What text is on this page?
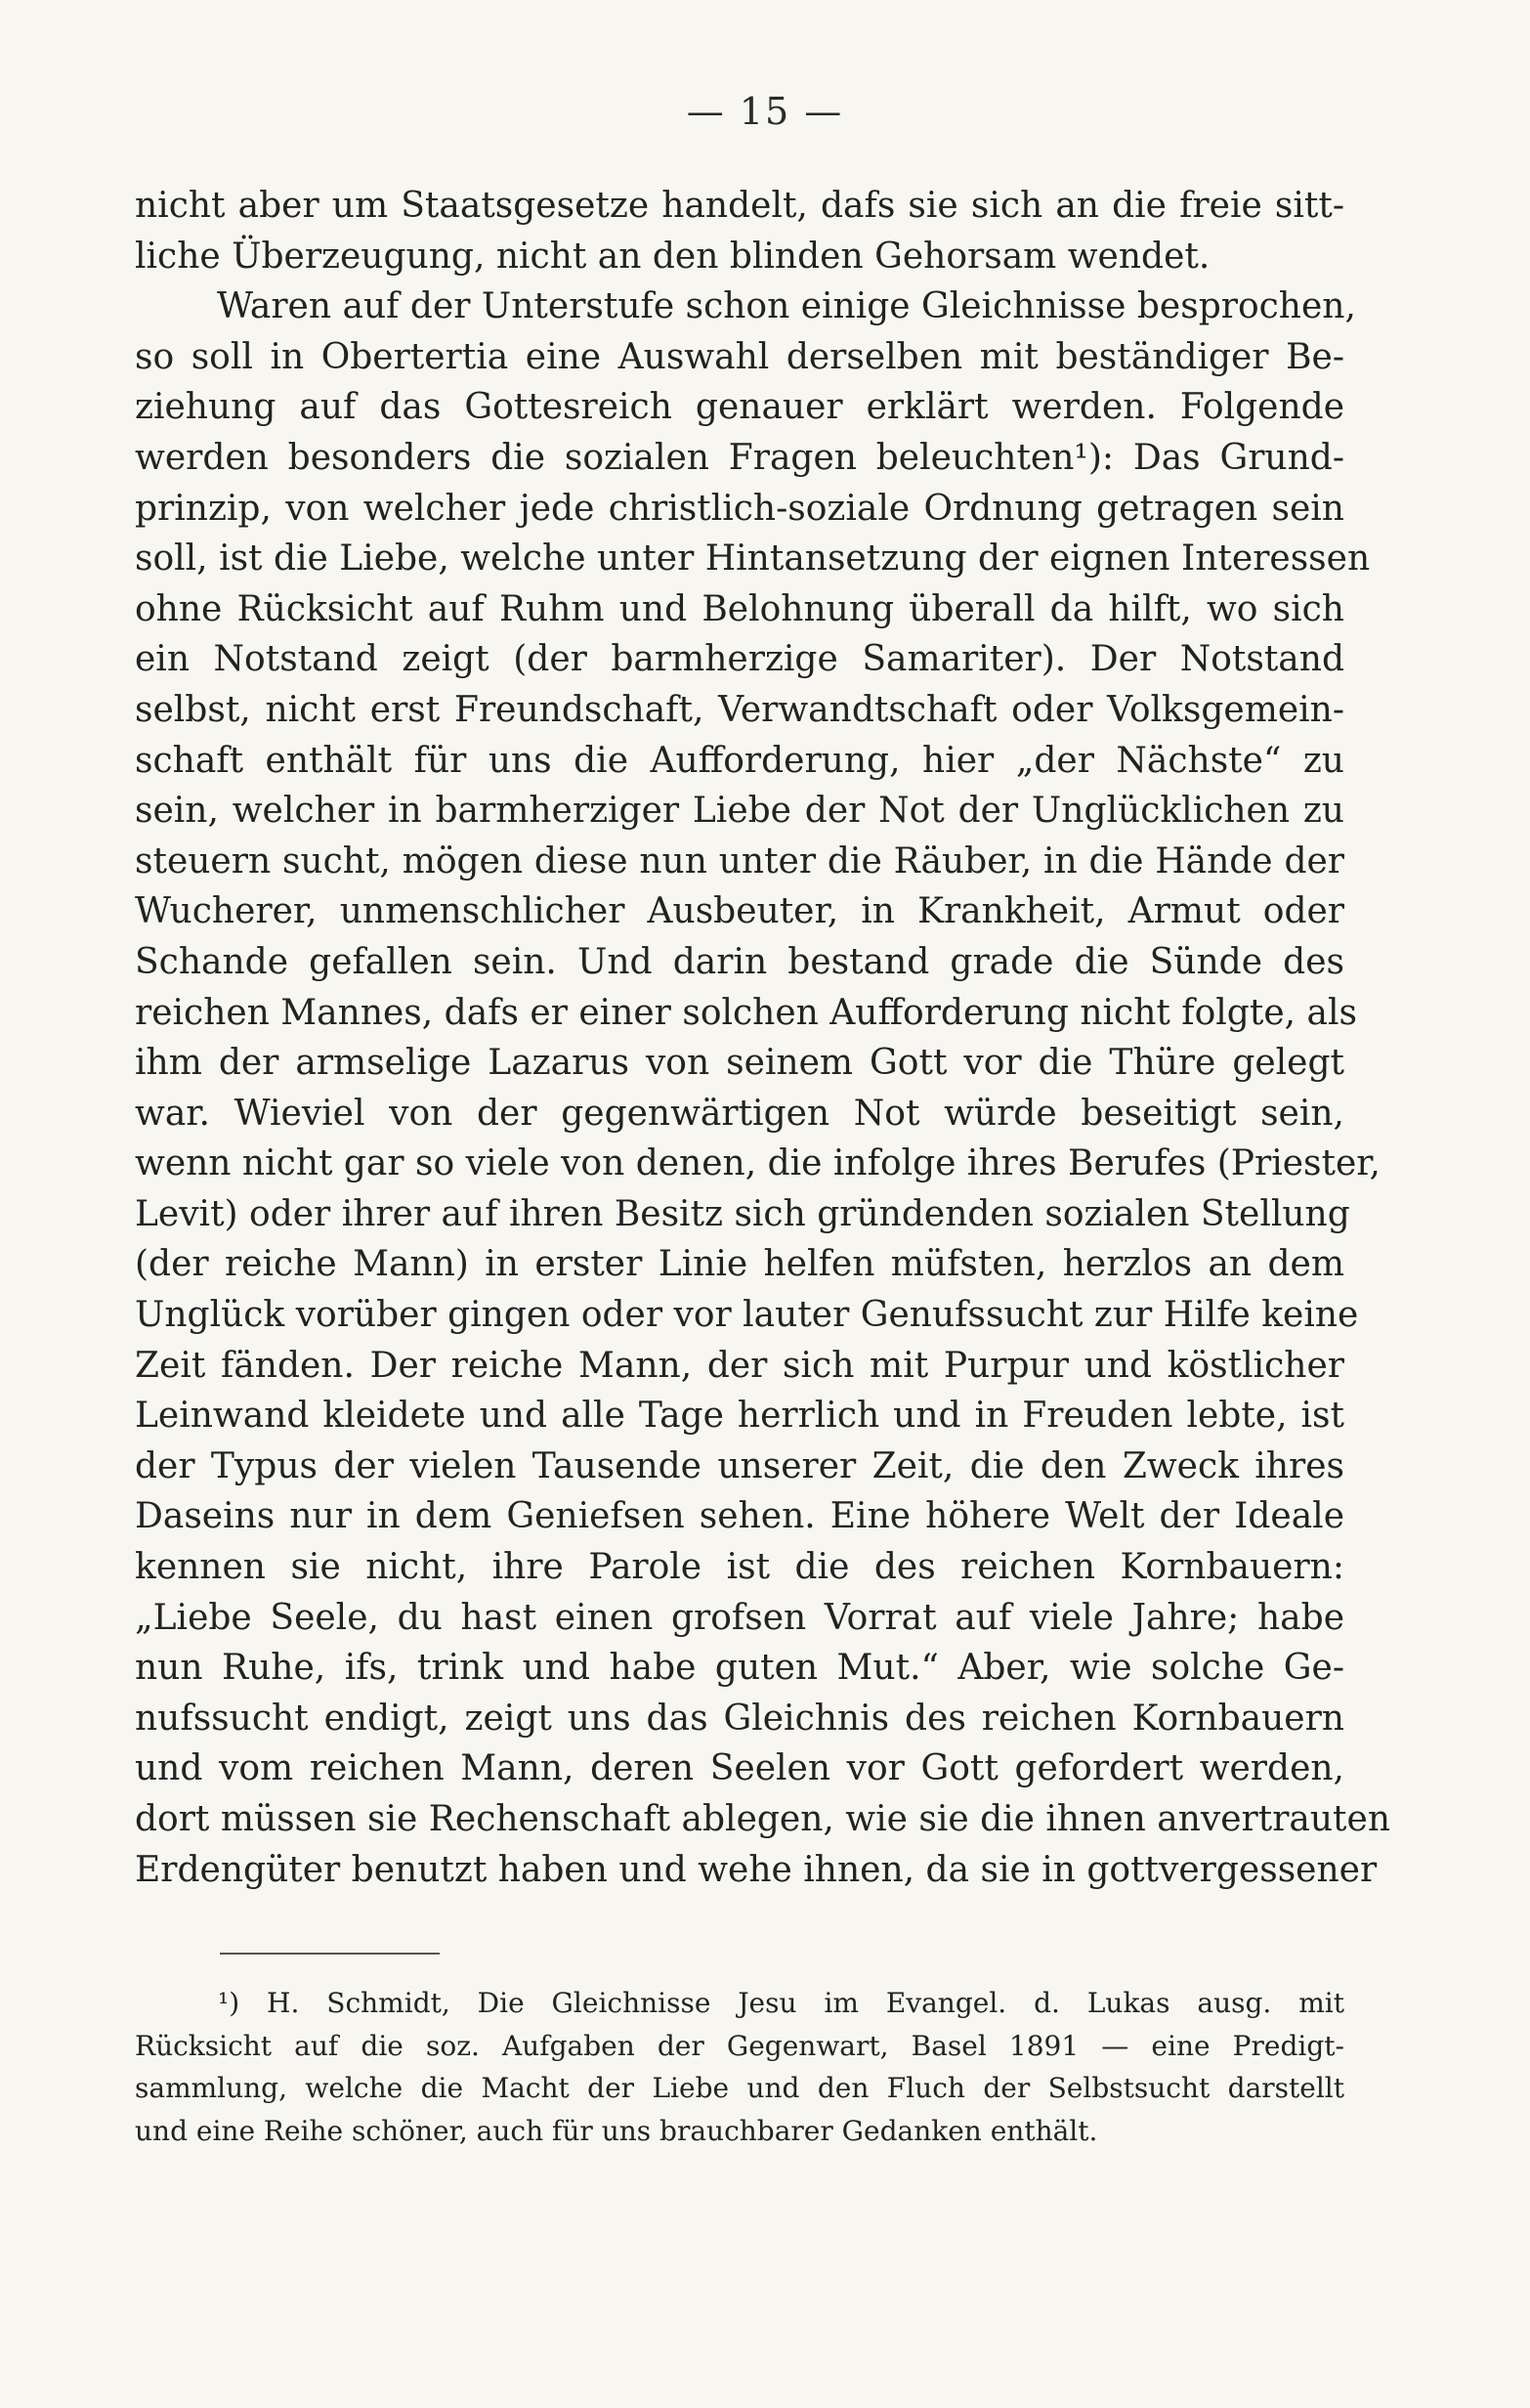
— 15 —
nicht aber um Staatsgesetze handelt, dafs sie sich an die freie sitt-
liche Überzeugung, nicht an den blinden Gehorsam wendet.
Waren auf der Unterstufe schon einige Gleichnisse besprochen,
so soll in Obertertia eine Auswahl derselben mit beständiger Be-
ziehung auf das Gottesreich genauer erklärt werden. Folgende
werden besonders die sozialen Fragen beleuchten¹): Das Grund-
prinzip, von welcher jede christlich-soziale Ordnung getragen sein
soll, ist die Liebe, welche unter Hintansetzung der eignen Interessen
ohne Rücksicht auf Ruhm und Belohnung überall da hilft, wo sich
ein Notstand zeigt (der barmherzige Samariter). Der Notstand
selbst, nicht erst Freundschaft, Verwandtschaft oder Volksgemein-
schaft enthält für uns die Aufforderung, hier „der Nächste“ zu
sein, welcher in barmherziger Liebe der Not der Unglücklichen zu
steuern sucht, mögen diese nun unter die Räuber, in die Hände der
Wucherer, unmenschlicher Ausbeuter, in Krankheit, Armut oder
Schande gefallen sein. Und darin bestand grade die Sünde des
reichen Mannes, dafs er einer solchen Aufforderung nicht folgte, als
ihm der armselige Lazarus von seinem Gott vor die Thüre gelegt
war. Wieviel von der gegenwärtigen Not würde beseitigt sein,
wenn nicht gar so viele von denen, die infolge ihres Berufes (Priester,
Levit) oder ihrer auf ihren Besitz sich gründenden sozialen Stellung
(der reiche Mann) in erster Linie helfen müfsten, herzlos an dem
Unglück vorüber gingen oder vor lauter Genufssucht zur Hilfe keine
Zeit fänden. Der reiche Mann, der sich mit Purpur und köstlicher
Leinwand kleidete und alle Tage herrlich und in Freuden lebte, ist
der Typus der vielen Tausende unserer Zeit, die den Zweck ihres
Daseins nur in dem Geniefsen sehen. Eine höhere Welt der Ideale
kennen sie nicht, ihre Parole ist die des reichen Kornbauern:
„Liebe Seele, du hast einen grofsen Vorrat auf viele Jahre; habe
nun Ruhe, ifs, trink und habe guten Mut.“ Aber, wie solche Ge-
nufssucht endigt, zeigt uns das Gleichnis des reichen Kornbauern
und vom reichen Mann, deren Seelen vor Gott gefordert werden,
dort müssen sie Rechenschaft ablegen, wie sie die ihnen anvertrauten
Erdengüter benutzt haben und wehe ihnen, da sie in gottvergessener
¹) H. Schmidt, Die Gleichnisse Jesu im Evangel. d. Lukas ausg. mit
Rücksicht auf die soz. Aufgaben der Gegenwart, Basel 1891 — eine Predigt-
sammlung, welche die Macht der Liebe und den Fluch der Selbstsucht darstellt
und eine Reihe schöner, auch für uns brauchbarer Gedanken enthält.
